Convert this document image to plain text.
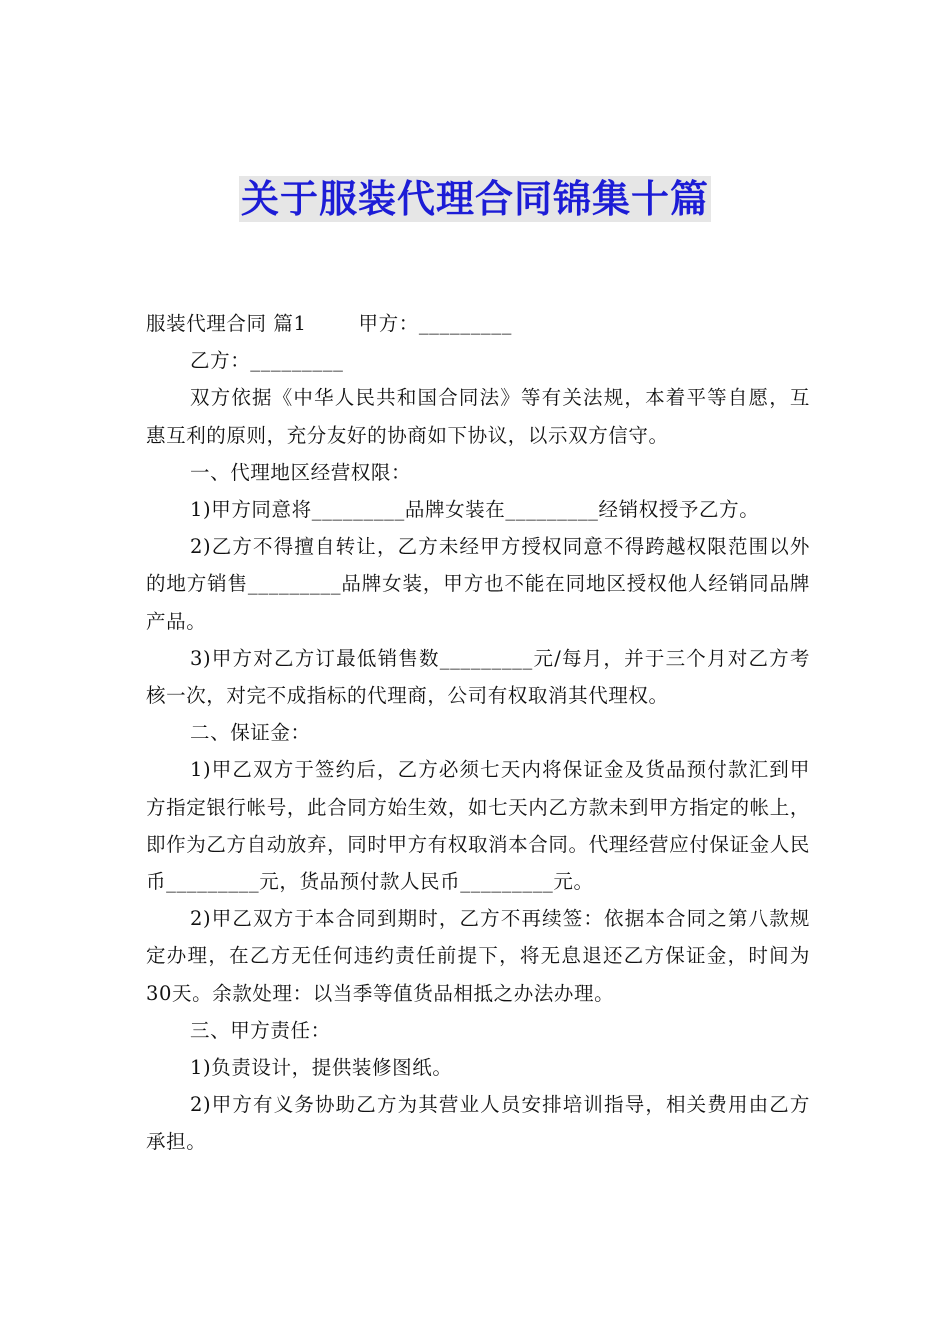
关于服装代理合同锦集十篇

服装代理合同 篇1	甲方：_________

乙方：_________

双方依据《中华人民共和国合同法》等有关法规，本着平等自愿，互惠互利的原则，充分友好的协商如下协议，以示双方信守。

一、代理地区经营权限：

1)甲方同意将_________品牌女装在_________经销权授予乙方。

2)乙方不得擅自转让，乙方未经甲方授权同意不得跨越权限范围以外的地方销售_________品牌女装，甲方也不能在同地区授权他人经销同品牌产品。

3)甲方对乙方订最低销售数_________元/每月，并于三个月对乙方考核一次，对完不成指标的代理商，公司有权取消其代理权。

二、保证金：

1)甲乙双方于签约后，乙方必须七天内将保证金及货品预付款汇到甲方指定银行帐号，此合同方始生效，如七天内乙方款未到甲方指定的帐上，即作为乙方自动放弃，同时甲方有权取消本合同。代理经营应付保证金人民币_________元，货品预付款人民币_________元。

2)甲乙双方于本合同到期时，乙方不再续签：依据本合同之第八款规定办理，在乙方无任何违约责任前提下，将无息退还乙方保证金，时间为30天。余款处理：以当季等值货品相抵之办法办理。

三、甲方责任：

1)负责设计，提供装修图纸。

2)甲方有义务协助乙方为其营业人员安排培训指导，相关费用由乙方承担。
